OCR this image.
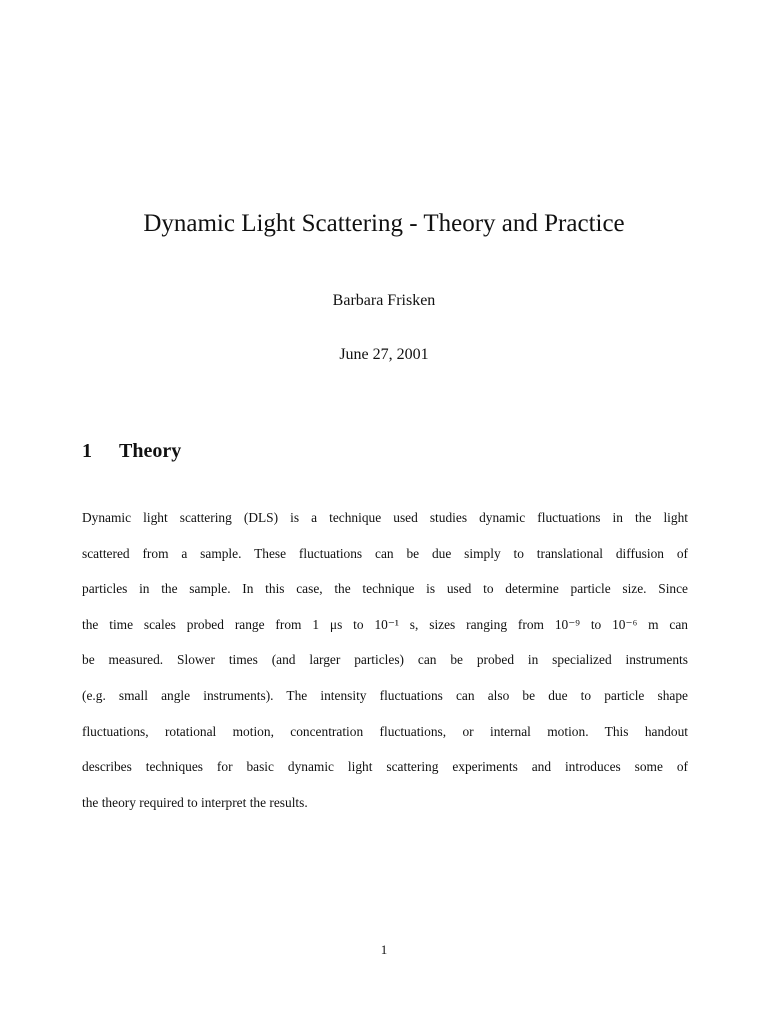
Dynamic Light Scattering - Theory and Practice
Barbara Frisken
June 27, 2001
1 Theory
Dynamic light scattering (DLS) is a technique used studies dynamic fluctuations in the light
scattered from a sample. These fluctuations can be due simply to translational diffusion of
particles in the sample. In this case, the technique is used to determine particle size. Since
the time scales probed range from 1 μs to 10⁻¹ s, sizes ranging from 10⁻⁹ to 10⁻⁶ m can
be measured. Slower times (and larger particles) can be probed in specialized instruments
(e.g. small angle instruments). The intensity fluctuations can also be due to particle shape
fluctuations, rotational motion, concentration fluctuations, or internal motion. This handout
describes techniques for basic dynamic light scattering experiments and introduces some of
the theory required to interpret the results.
1
